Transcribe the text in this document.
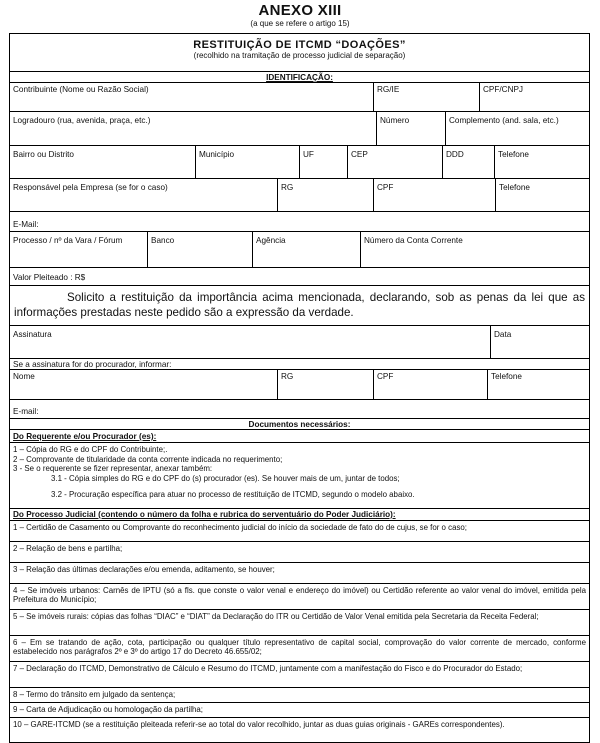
ANEXO XIII
(a que se refere o artigo 15)
RESTITUIÇÃO DE ITCMD “DOAÇÕES”
(recolhido na tramitação de processo judicial de separação)
IDENTIFICAÇÃO:
Contribuinte (Nome ou Razão Social)	RG/IE	CPF/CNPJ
Logradouro (rua, avenida, praça, etc.)	Número	Complemento (and. sala, etc.)
Bairro ou Distrito	Município	UF	CEP	DDD	Telefone
Responsável pela Empresa (se for o caso)	RG	CPF	Telefone
E-Mail:
Processo / nº da Vara / Fórum	Banco	Agência	Número da Conta Corrente
Valor Pleiteado : R$

Solicito a restituição da importância acima mencionada, declarando, sob as penas da lei que as informações prestadas neste pedido são a expressão da verdade.

Assinatura	Data
Se a assinatura for do procurador, informar:
Nome	RG	CPF	Telefone
E-mail:
Documentos necessários:
Do Requerente e/ou Procurador (es):
1 – Cópia do RG e do CPF do Contribuinte;.
2 – Comprovante de titularidade da conta corrente indicada no requerimento;
3 - Se o requerente se fizer representar, anexar também:
3.1 - Cópia simples do RG e do CPF do (s) procurador (es). Se houver mais de um, juntar de todos;
3.2 - Procuração específica para atuar no processo de restituição de ITCMD, segundo o modelo abaixo.
Do Processo Judicial (contendo o número da folha e rubrica do serventuário do Poder Judiciário):
1 – Certidão de Casamento ou Comprovante do reconhecimento judicial do início da sociedade de fato do de cujus, se for o caso;
2 – Relação de bens e partilha;
3 – Relação das últimas declarações e/ou emenda, aditamento, se houver;
4 – Se imóveis urbanos: Carnês de IPTU (só a fls. que conste o valor venal e endereço do imóvel) ou Certidão referente ao valor venal do imóvel, emitida pela Prefeitura do Município;
5 – Se imóveis rurais: cópias das folhas “DIAC” e “DIAT” da Declaração do ITR ou Certidão de Valor Venal emitida pela Secretaria da Receita Federal;
6 – Em se tratando de ação, cota, participação ou qualquer título representativo de capital social, comprovação do valor corrente de mercado, conforme estabelecido nos parágrafos 2º e 3º do artigo 17 do Decreto 46.655/02;
7 – Declaração do ITCMD, Demonstrativo de Cálculo e Resumo do ITCMD, juntamente com a manifestação do Fisco e do Procurador do Estado;
8 – Termo do trânsito em julgado da sentença;
9 – Carta de Adjudicação ou homologação da partilha;
10 – GARE-ITCMD (se a restituição pleiteada referir-se ao total do valor recolhido, juntar as duas guias originais - GAREs correspondentes).
